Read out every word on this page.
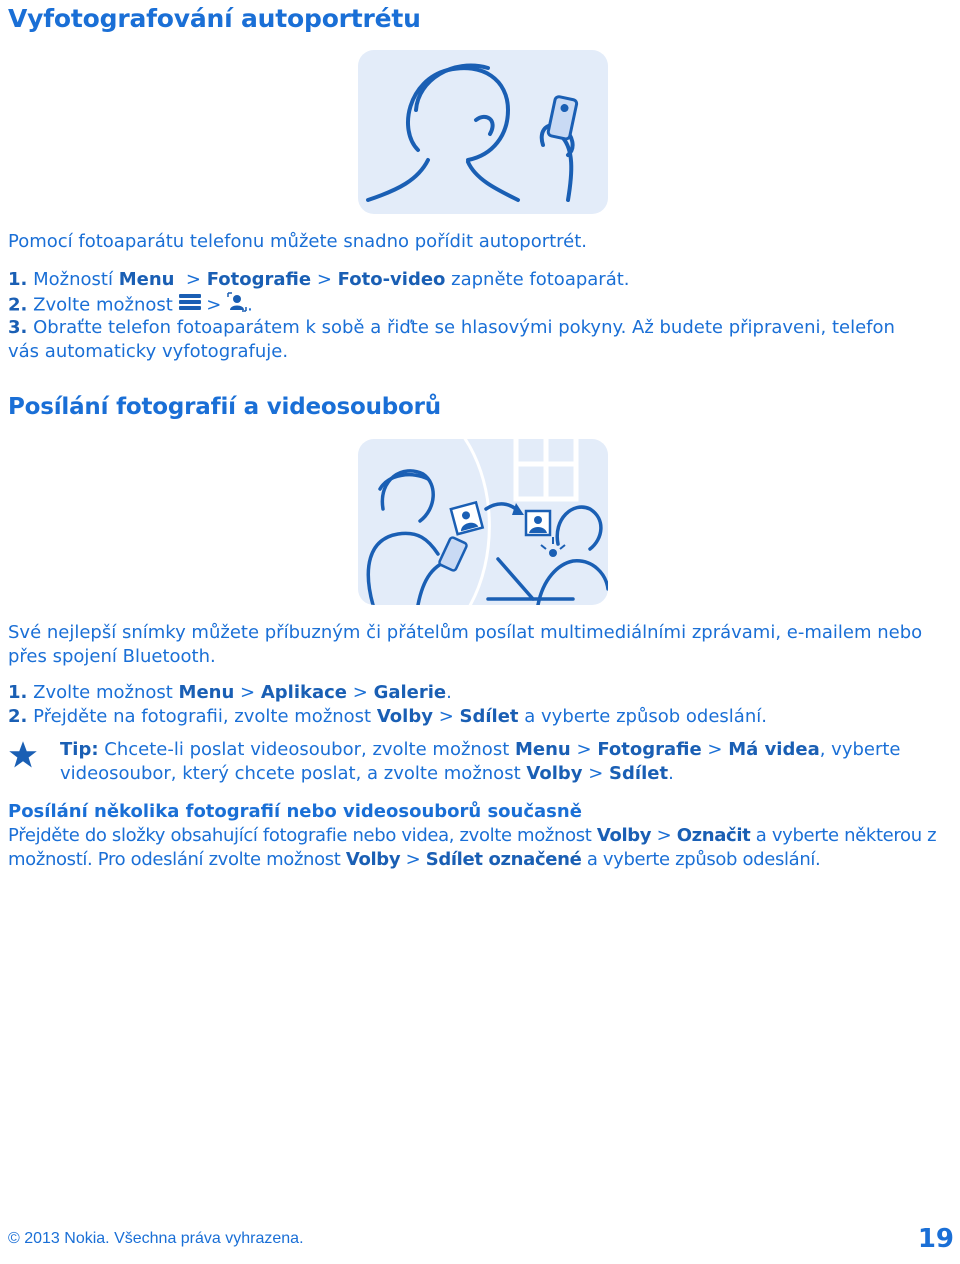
Vyfotografování autoportrétu

Pomocí fotoaparátu telefonu můžete snadno pořídit autoportrét.

1. Možností Menu > Fotografie > Foto-video zapněte fotoaparát.

2. Zvolte možnost > .

3. Obraťte telefon fotoaparátem k sobě a řiďte se hlasovými pokyny. Až budete připraveni, telefon

vás automaticky vyfotografuje.

Posílání fotografií a videosouborů

Své nejlepší snímky můžete příbuzným či přátelům posílat multimediálními zprávami, e-mailem nebo přes spojení Bluetooth.

1. Zvolte možnost Menu > Aplikace > Galerie.

2. Přejděte na fotografii, zvolte možnost Volby > Sdílet a vyberte způsob odeslání.

Tip: Chcete-li poslat videosoubor, zvolte možnost Menu > Fotografie > Má videa, vyberte videosoubor, který chcete poslat, a zvolte možnost Volby > Sdílet.
Posílání několika fotografií nebo videosouborů současně

Přejděte do složky obsahující fotografie nebo videa, zvolte možnost Volby > Označit a vyberte některou z možností. Pro odeslání zvolte možnost Volby > Sdílet označené a vyberte způsob odeslání.

© 2013 Nokia. Všechna práva vyhrazena.	19
